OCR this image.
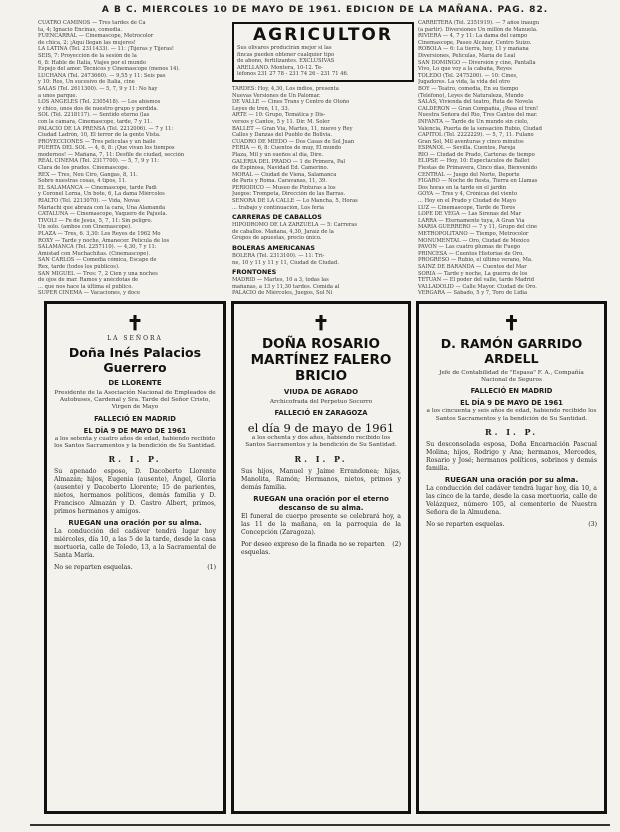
A B C. MIERCOLES 10 DE MAYO DE 1961. EDICION DE LA MAÑANA. PAG. 82.
CUATRO CAMINOS — Tres tardes de Ca
ta, 4; Ignacio Encinas, comedia.
FUENCARRAL — Cinemascope, Metrocolor
de chica, 2; ¡Aquí llegan las mujeres!
LA LATINA (Tel. 2311433). — 11: ¡Tijeras y Tijeras!
SEIS, 7: Proyección de la sesión de la
6, 8: Hable de Italia, Viajes por el mundo
Espejo del amor. Técnicos y Cinemascope (menos 14).
LUCHANA (Tel. 2473660). — 9,55 y 11: Seis pas
y 10: Ros, Un sucesivo de Italia, cine
SALAS (Tel. 2611300). — 5, 7, 9 y 11: No hay
a unos parque.
LOS ANGELES (Tel. 2305418). — Los abismos
y chico, unos dos de nuestro grupo y perdida.
SOL (Tel. 2218117). — Sentido eterno (las
con la cámara, Cinemascope, tarde, 7 y 11.
PALACIO DE LA PRENSA (Tel. 2212006). — 7 y 11:
Ciudad Ladrón, 10, El terror de la gente Vista.
PROYECCIONES — Tres películas y un baile
PUERTA DEL SOL — 4, 6, 8: ¡Que vivan los tiempos
modernos! — Mañana, 7, 11: Desfile de ciudad, sección
REAL CINEMA (Tel. 2317700). — 5, 7, 9 y 11:
Clara de los prados. Cinemascope.
REX — Tres, Nou Ciro, Gangas, 8, 11.
Sobre nuestras cosas, 4 tipos, 11.
EL SALAMANCA — Cinemascope, tarde Padi
y Coronel Lorna, Un bote, 6, La dama Miércoles
RIALTO (Tel. 2213070). — Vida, Novas
Mariachi que abraza con la cara, Una Alamanda
CATALUÑA — Cinemascope, Vaquero de Pajuela.
TÍVOLI — Fe de Jesús, 5, 7, 11: Sin peligro.
Un solo. (ambos con Cinemascope).
PLAZA — Tres, 6. 3,30: Los Reyes de 1962 Mo
ROXY — Tarde y noche, Amanecer. Película de los
SALAMANCA (Tel. 2257110). — 4,30, 7 y 11:
Amistad con Muchachitas. (Cinemascope).
SAN CARLOS — Comedia cómica, Escape de
Rex, tarde (todos los públicos).
SAN MIGUEL — Tres: 7, 2 Cien y una noches
de ojos de mar. Ramos y anécdotas de
... que nos hace la última el público.
SUPER CINEMA — Vacaciones, y doce
AGRICULTOR
Sus olivares producirán mejor si las
fincas pueden obtener cualquier tipo
de abono, fertilizantes. EXCLUSIVAS
ARELLANO. Montera, 10-12. Te-
léfonos 231 27 78 - 231 74 26 - 231 71 46.
TARDES: Hoy, 4,30, Los indios, presenta
Nuevas Versiones de Un Palomar.
DE VALLE — Cines Trans y Centro de Otoño
Leyes de tren, 11, 33.
ARTE — 10: Grupo, Temática y Dis-
versos y Cantos, 5 y 11. Dir. M. Soler
BALLET — Gran Vía, Martes, 11, nuevo y Rey
Calles y Danzas del Pueblo de Bolivia.
CUADRO DE MIEDO — Dos Casas de Sol Juan
FERIA — 6, 8: Cuentos de muy, El mundo
Plaza, Mil y un sueños al día, Dire.
GALERÍA DEL PRADO — 1 de Primera, Pal
de Espinosa, Navidad Ed. Camerino.
MORAL — Ciudad de Viena, Salamanca
de Paris y Roma. Caravanas, 11, 39.
PERIÓDICO — Museo de Pinturas a los
Juegos: Trompeta, Dirección de las Barras.
SEÑORA DE LA CALLE — Lo Mancha, 5, Horas
... trabajo y continuación, Los feria
CARRERAS DE CABALLOS
HIPÓDROMO DE LA ZARZUELA — 5: Carreras
de caballos. Mañana, 4,30, Jaraíz de la
Grupos de apuestas, precio único.
BOLERAS AMERICANAS
BOLERA (Tel. 2313100). — 11: Tri-
ne, 10 y 11 y 11 y 11, Ciudad de Ciudad.
FRONTONES
MADRID — Martes, 10 a 3, todas las
mañanas, a 13 y 11,30 tardes. Comida al
PALACIO de Miércoles, Juegos, Sol Ni
CARRETERA (Tel. 2351919). — 7 años inaugu
(a partir). Diversiones Un millón de Manuela.
RIVIERA — 4, 7 y 11: La dama del campo
Cinemascope, Paseo Alcázar, Centro Suizo.
ROBOLA — 6: La tierra, hoy, 11 y mañana
Diversiones, Películas, María de Leal
SAN DOMINGO — Diversión y cine, Pantalla
Vivo, Lo que voy a la cabaña, Reyes
TOLEDO (Tel. 2475200). — 10: Cines,
Jugadores. La vida, la vida del otro
BOY — Teatro, comedia, En su tiempo
(Teléfono), Leyes de Naturaleza, Mundo
SALAS, Vivienda del teatro, Ruta de Novela
CALDERÓN — Gran Compañía, ¡Pasa el tren!
Nuestra Señora del Río, Tres Cantos del mar.
INFANTA — Tarde de Un mundo sin cielo,
Valencia, Puerta de la sensación Rubio, Ciudad
CAPITOL (Tel. 2222229). — 5, 7, 11. Fulano
Gran Sol, Mil aventuras y cinco minutos
ESPAÑOL — Sevilla. Cuentos, Pareja
RÍO — Ciudad de Prado, Carteras de tiempo
ELIPSE — Hoy, 10: Espectáculos de Ballet
Fiestas de Primavera, Cinco días, Bienvenido
CENTRAL — Juego del Norte, Deporte
FIGARO — Noche de fiesta, Tierra en Llamas
Dos horas en la tarde en el jardín
GOYA — Tres y 4, Crónicas del viento
... Hoy en el Prado y Ciudad de Mayo
LUZ — Cinemascope, Tarde de Toros
LOPE DE VEGA — Las Sirenas del Mar
LARRA — Eternamente tuya, A Gran Vía
MARÍA GUERRERO — 7 y 11, Grupo del cine
METROPOLITANO — Tiempo, Metrocolor
MONUMENTAL — Oro, Ciudad de México
PAVÓN — Las cuatro plumas de Fuego
PRINCESA — Cuentos Historias de Oro.
PROGRESO — Rubio, el último verano, Ma.
SAINZ DE BARANDA — Cuentos del Mar
SORIA — Tarde y noche, La guerra de los
TETUÁN — El poder del valle, tarde Madrid
VALLADOLID — Calle Mayor. Ciudad de Oro.
VERGARA — Sábado, 5 y 7, Toro de Lidia
✝
LA SEÑORA
Doña Inés Palacios Guerrero
DE LLORENTE
Presidente de la Asociación Nacional de Empleados de Autobuses, Cardenal y Sra. Tarde del Señor Cristo, Virgen de Mayo
FALLECIÓ EN MADRID
EL DÍA 9 DE MAYO DE 1961
a los setenta y cuatro años de edad, habiendo recibido los Santos Sacramentos y la bendición de Su Santidad.
R. I. P.
Su apenado esposo, D. Dacoberto Llorente Almazán; hijos, Eugenia (ausente), Ángel, Gloria (ausente) y Dacoberto Llorente; 15 de parientes, nietos, hermanos políticos, demás familia y D. Francisco Almazán y D. Castro Albert, primos, primos hermanos y amigos.
RUEGAN una oración por su alma.
La conducción del cadáver tendrá lugar hoy miércoles, día 10, a las 5 de la tarde, desde la casa mortuoria, calle de Toledo, 13, a la Sacramental de Santa María.
No se reparten esquelas.	(1)
✝
DOÑA ROSARIO MARTÍNEZ FALERO BRICIO
VIUDA DE AGRADO
Archicofrada del Perpetuo Socorro
FALLECIÓ EN ZARAGOZA
el día 9 de mayo de 1961
a los ochenta y dos años, habiendo recibido los Santos Sacramentos y la bendición de Su Santidad.
R. I. P.
Sus hijos, Manuel y Jaime Errandonea; hijas, Manolita, Ramón; Hermanos, nietos, primos y demás familia.
RUEGAN una oración por el eterno descanso de su alma.
El funeral de cuerpo presente se celebrará hoy, a las 11 de la mañana, en la parroquia de la Concepción (Zaragoza).
Por deseo expreso de la finada no se reparten esquelas.
(2)
✝
D. RAMÓN GARRIDO ARDELL
Jefe de Contabilidad de "Espasa" F. A., Compañía Nacional de Seguros
FALLECIÓ EN MADRID
EL DÍA 9 DE MAYO DE 1961
a los cincuenta y seis años de edad, habiendo recibido los Santos Sacramentos y la bendición de Su Santidad.
R. I. P.
Su desconsolada esposa, Doña Encarnación Pascual Molina; hijos, Rodrigo y Ana; hermanos, Mercedes, Rosario y José; hermanos políticos, sobrinos y demás familia.
RUEGAN una oración por su alma.
La conducción del cadáver tendrá lugar hoy, día 10, a las cinco de la tarde, desde la casa mortuoria, calle de Velázquez, número 105, al cementerio de Nuestra Señora de la Almudena.
No se reparten esquelas.	(3)
